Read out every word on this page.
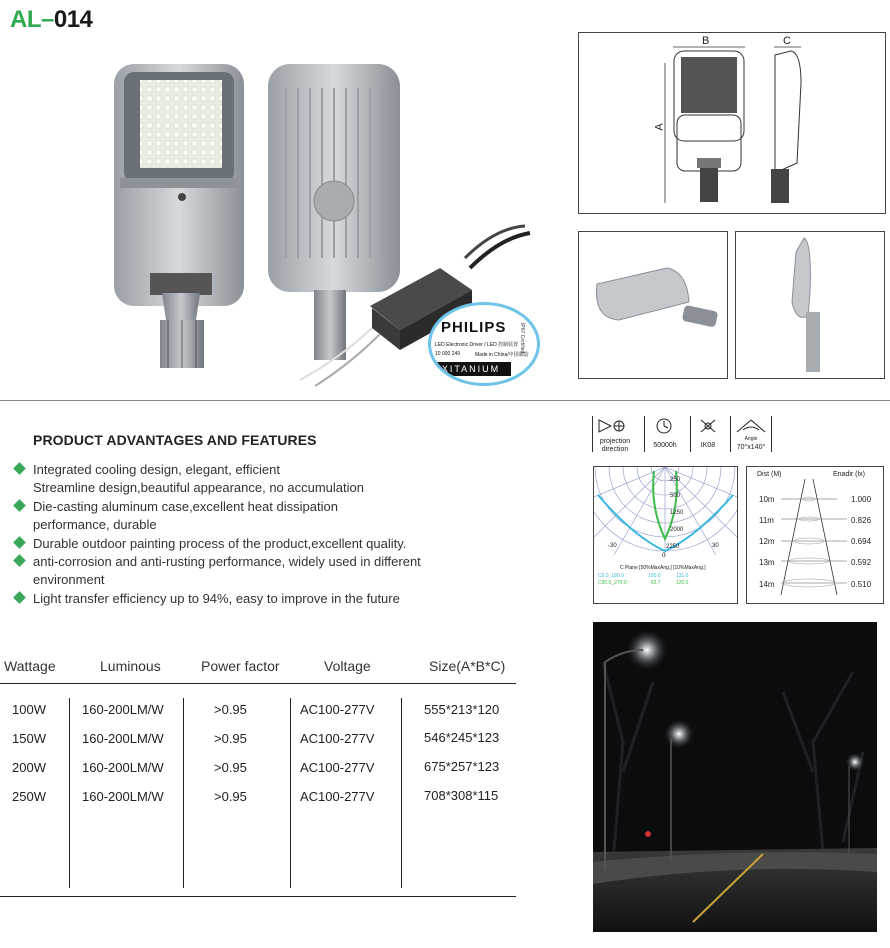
AL–014
PHILIPS
LED Electronic Driver / LED 控制装置
10 000 249	Made in China/中国制造
XITANIUM
IP67 Certified
B
A
C
PRODUCT ADVANTAGES AND FEATURES
Integrated cooling design, elegant, efficient
Streamline design,beautiful appearance, no accumulation
Die-casting aluminum case,excellent heat dissipation
performance, durable
Durable outdoor painting process of the product,excellent quality.
anti-corrosion and anti-rusting performance, widely used in different
environment
Light transfer efficiency up to 94%, easy to improve in the future
projection
direction
50000h	IK08
Angle
70°x140°
250
500
1250
2000
2250
-30	30
0
C Plane [50%MaxAng.] [10%MaxAng.]
C0.0_180.0 :	100.0	131.0
C90.0_270.0 :	62.7	120.0
Dist (M)	Enadir (lx)
10m	1.000
11m	0.826
12m	0.694
13m	0.592
14m	0.510
Wattage	Luminous	Power factor	Voltage	Size(A*B*C)
100W	160-200LM/W	>0.95	AC100-277V	555*213*120
150W	160-200LM/W	>0.95	AC100-277V	546*245*123
200W	160-200LM/W	>0.95	AC100-277V	675*257*123
250W	160-200LM/W	>0.95	AC100-277V	708*308*115
